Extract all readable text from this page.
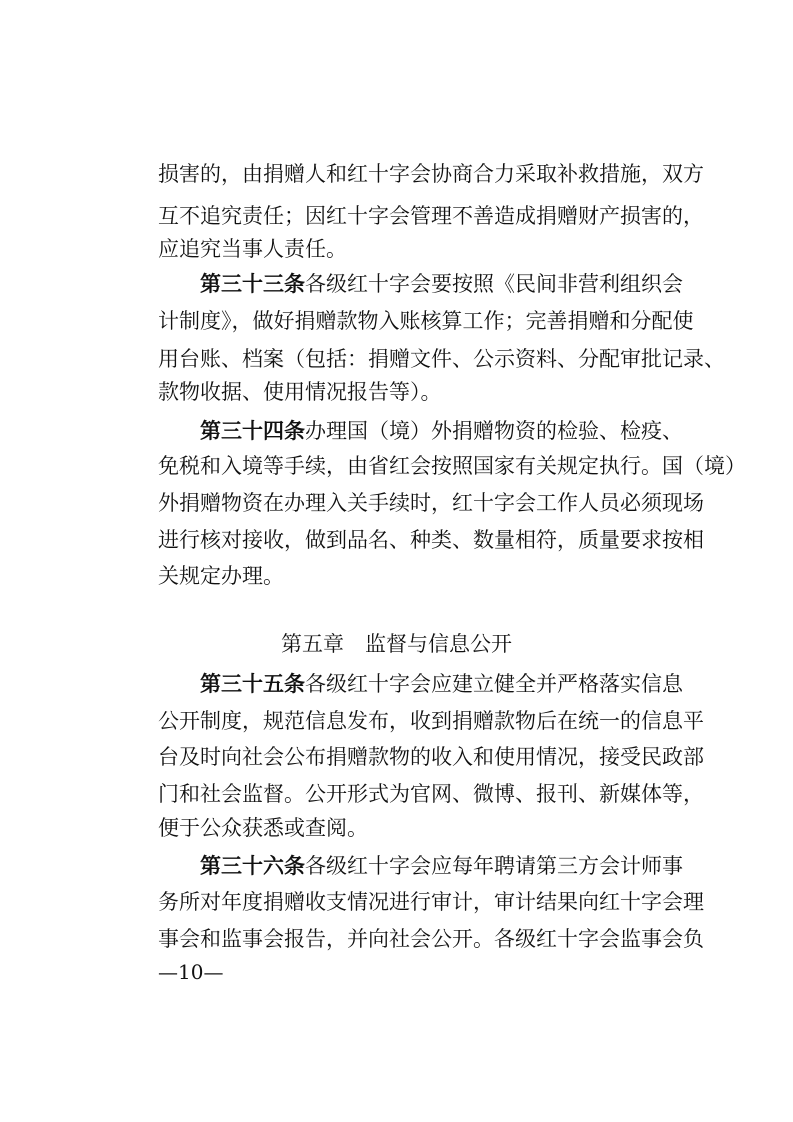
损害的，由捐赠人和红十字会协商合力采取补救措施，双方
互不追究责任；因红十字会管理不善造成捐赠财产损害的，
应追究当事人责任。
第三十三条 各级红十字会要按照《民间非营利组织会
计制度》，做好捐赠款物入账核算工作；完善捐赠和分配使
用台账、档案（包括：捐赠文件、公示资料、分配审批记录、
款物收据、使用情况报告等）。
第三十四条 办理国（境）外捐赠物资的检验、检疫、
免税和入境等手续，由省红会按照国家有关规定执行。国（境）
外捐赠物资在办理入关手续时，红十字会工作人员必须现场
进行核对接收，做到品名、种类、数量相符，质量要求按相
关规定办理。
第五章　监督与信息公开
第三十五条 各级红十字会应建立健全并严格落实信息
公开制度，规范信息发布，收到捐赠款物后在统一的信息平
台及时向社会公布捐赠款物的收入和使用情况，接受民政部
门和社会监督。公开形式为官网、微博、报刊、新媒体等，
便于公众获悉或查阅。
第三十六条 各级红十字会应每年聘请第三方会计师事
务所对年度捐赠收支情况进行审计，审计结果向红十字会理
事会和监事会报告，并向社会公开。各级红十字会监事会负
—10—
